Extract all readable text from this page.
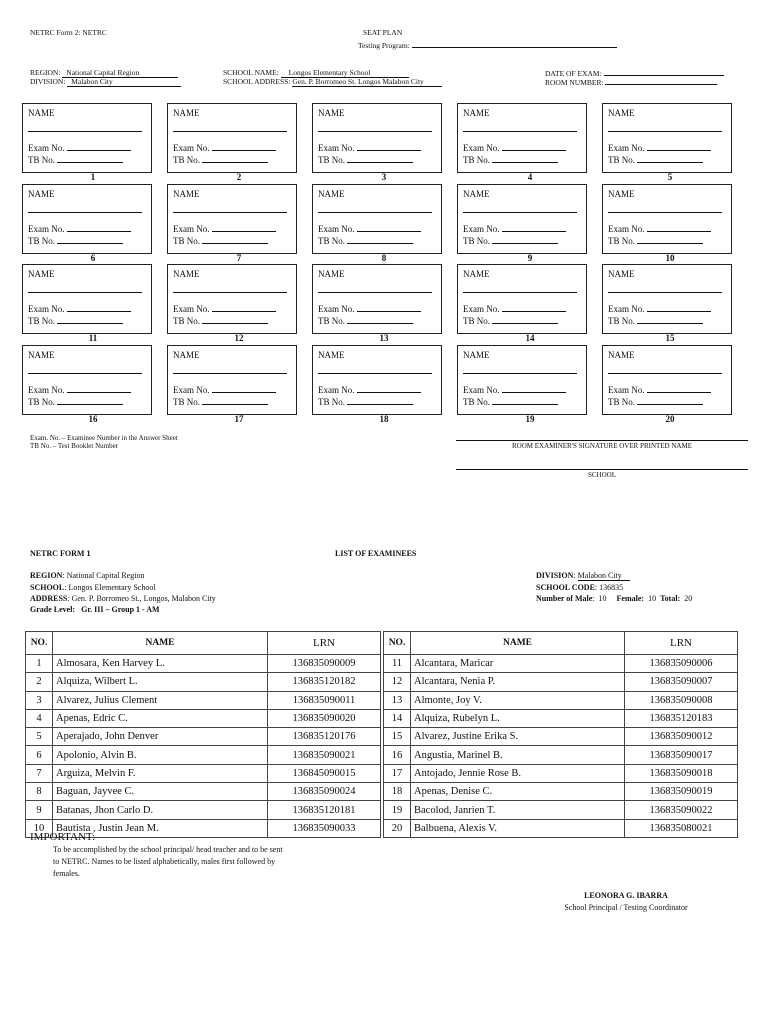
NETRC Form 2: NETRC	SEAT PLAN
Testing Program:
REGION: National Capital Region
DIVISION: Malabon City
SCHOOL NAME: Longos Elementary School
SCHOOL ADDRESS: Gen. P. Borromeo St. Longos Malabon City
DATE OF EXAM:
ROOM NUMBER:
NAME
Exam No.
TB No.
1
NAME
Exam No.
TB No.
2
NAME
Exam No.
TB No.
3
NAME
Exam No.
TB No.
4
NAME
Exam No.
TB No.
5
NAME
Exam No.
TB No.
6
NAME
Exam No.
TB No.
7
NAME
Exam No.
TB No.
8
NAME
Exam No.
TB No.
9
NAME
Exam No.
TB No.
10
NAME
Exam No.
TB No.
11
NAME
Exam No.
TB No.
12
NAME
Exam No.
TB No.
13
NAME
Exam No.
TB No.
14
NAME
Exam No.
TB No.
15
NAME
Exam No.
TB No.
16
NAME
Exam No.
TB No.
17
NAME
Exam No.
TB No.
18
NAME
Exam No.
TB No.
19
NAME
Exam No.
TB No.
20
Exam. No. – Examinee Number in the Answer Sheet
TB No. – Test Booklet Number	ROOM EXAMINER'S SIGNATURE OVER PRINTED NAME
SCHOOL
NETRC FORM 1	LIST OF EXAMINEES
REGION: National Capital Region
SCHOOL: Longos Elementary School
ADDRESS: Gen. P. Borromeo St., Longos, Malabon City
Grade Level: Gr. III – Group 1 - AM
DIVISION: Malabon City
SCHOOL CODE: 136835
Number of Male:  10 Female: 10 Total: 20
NO.	NAME	LRN
1	Almosara, Ken Harvey L.	136835090009
2	Alquiza, Wilbert L.	136835120182
3	Alvarez, Julius Clement	136835090011
4	Apenas, Edric C.	136835090020
5	Aperajado, John Denver	136835120176
6	Apolonio, Alvin B.	136835090021
7	Arguiza, Melvin F.	136845090015
8	Baguan, Jayvee C.	136835090024
9	Batanas, Jhon Carlo D.	136835120181
10	Bautista , Justin Jean M.	136835090033
NO.	NAME	LRN
11	Alcantara, Maricar	136835090006
12	Alcantara, Nenia P.	136835090007
13	Almonte, Joy V.	136835090008
14	Alquiza, Rubelyn L.	136835120183
15	Alvarez, Justine Erika S.	136835090012
16	Angustia, Marinel B.	136835090017
17	Antojado, Jennie Rose B.	136835090018
18	Apenas, Denise C.	136835090019
19	Bacolod, Janrien T.	136835090022
20	Balbuena, Alexis V.	136835080021
IMPORTANT:
To be accomplished by the school principal/ head teacher and to be sent
to NETRC. Names to be listed alphabetically, males first followed by
females.
LEONORA G. IBARRA
School Principal / Testing Coordinator
